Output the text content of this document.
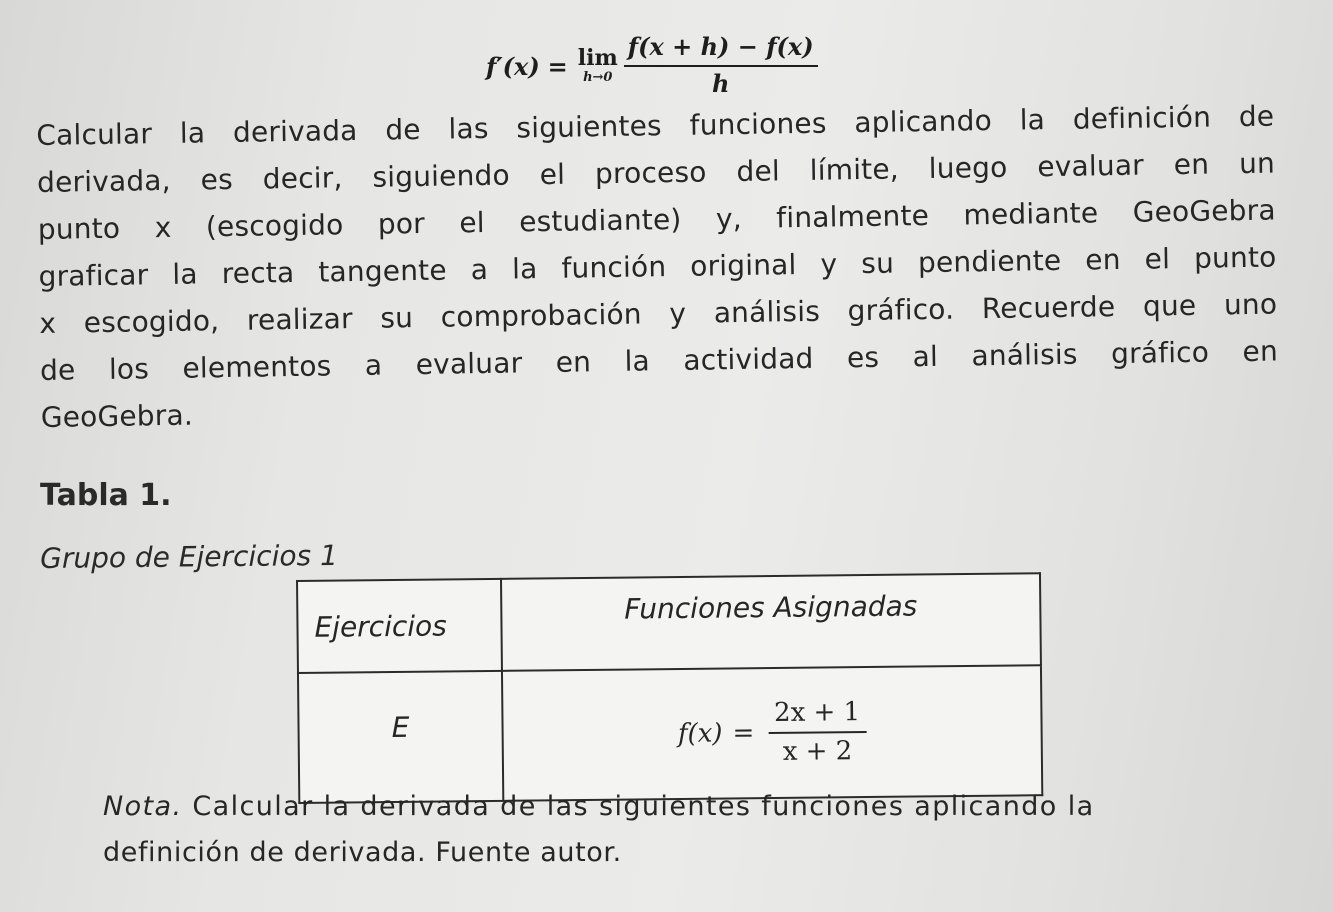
f′(x) = lim
$h\to 0 \frac{f(x + h) - f(x)}{h}$
Calcular la derivada de las siguientes funciones aplicando la definición de
derivada, es decir, siguiendo el proceso del límite, luego evaluar en un
punto x (escogido por el estudiante) y, finalmente mediante GeoGebra
graficar la recta tangente a la función original y su pendiente en el punto
x escogido, realizar su comprobación y análisis gráfico. Recuerde que uno
de los elementos a evaluar en la actividad es al análisis gráfico en
GeoGebra.
Tabla 1.
Grupo de Ejercicios 1
Ejercicios	Funciones Asignadas
E	$f(x) = \frac{2x + 1}{x + 2}$
Nota. Calcular la derivada de las siguientes funciones aplicando la
definición de derivada. Fuente autor.
